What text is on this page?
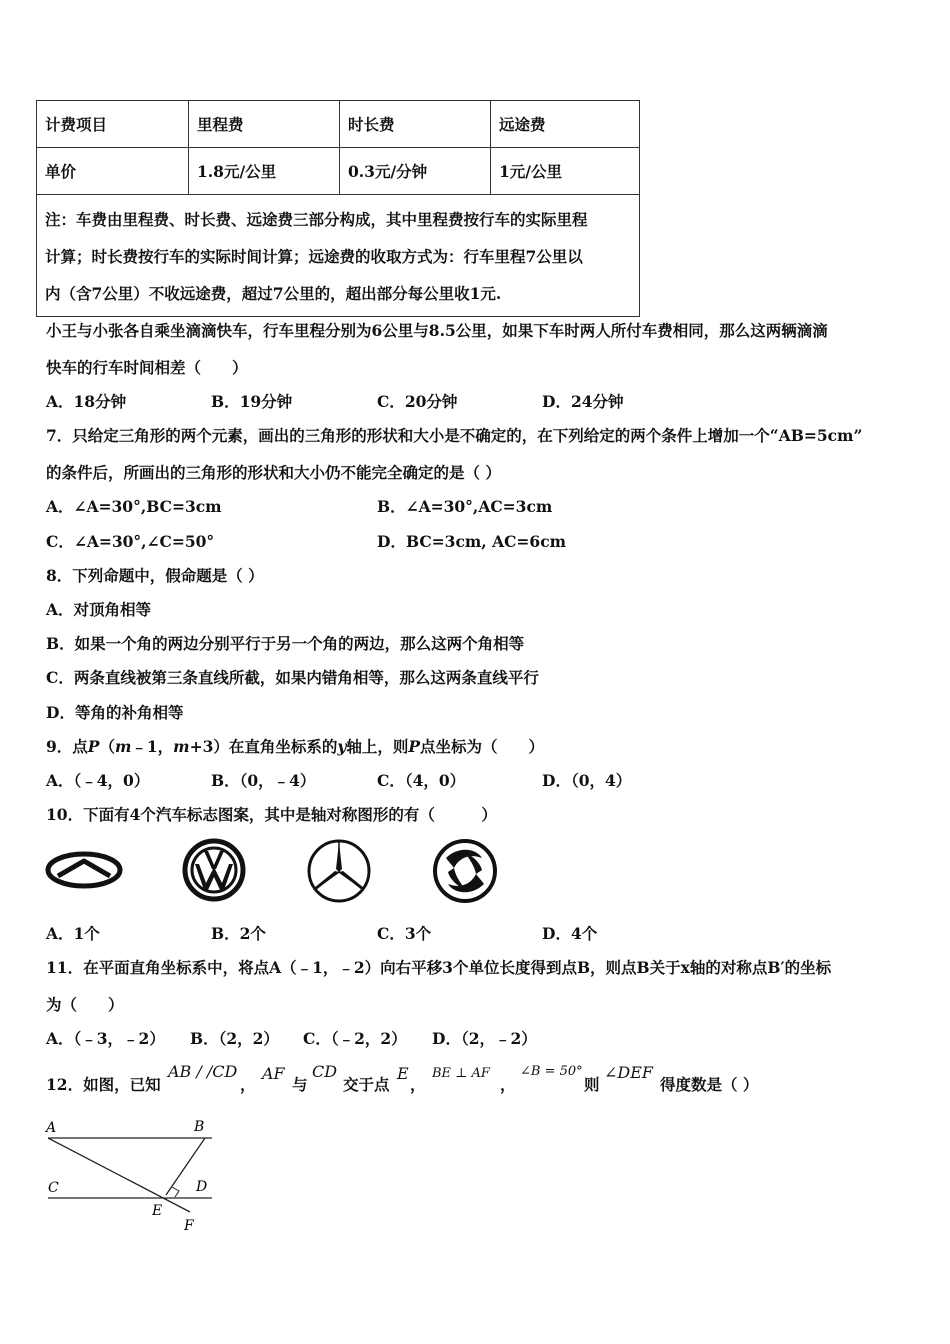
计费项目	里程费	时长费	远途费
单价	1.8元/公里	0.3元/分钟	1元/公里

注：车费由里程费、时长费、远途费三部分构成，其中里程费按行车的实际里程
计算；时长费按行车的实际时间计算；远途费的收取方式为：行车里程7公里以
内（含7公里）不收远途费，超过7公里的，超出部分每公里收1元.			
小王与小张各自乘坐滴滴快车，行车里程分别为6公里与8.5公里，如果下车时两人所付车费相同，那么这两辆滴滴
快车的行车时间相差（　　）
A．18分钟	B．19分钟	C．20分钟	D．24分钟
7．只给定三角形的两个元素，画出的三角形的形状和大小是不确定的，在下列给定的两个条件上增加一个“AB=5cm”
的条件后，所画出的三角形的形状和大小仍不能完全确定的是（ ）
A．∠A=30°,BC=3cm	B．∠A=30°,AC=3cm
C．∠A=30°,∠C=50°	D．BC=3cm, AC=6cm
8．下列命题中，假命题是（ ）
A．对顶角相等
B．如果一个角的两边分别平行于另一个角的两边，那么这两个角相等
C．两条直线被第三条直线所截，如果内错角相等，那么这两条直线平行
D．等角的补角相等
9．点P（m﹣1，m+3）在直角坐标系的y轴上，则P点坐标为（　　）
A．（﹣4，0）	B．（0，﹣4）	C．（4，0）	D．（0，4）
10．下面有4个汽车标志图案，其中是轴对称图形的有（　　　）
A．1个	B．2个	C．3个	D．4个
11．在平面直角坐标系中，将点A（﹣1，﹣2）向右平移3个单位长度得到点B，则点B关于x轴的对称点B′的坐标
为（　　）
A．（﹣3，﹣2） B．（2，2） C．（﹣2，2） D．（2，﹣2）
12．如图，已知
AB / /CD
，
AF
与
CD
交于点
E
，
BE ⊥ AF
，
∠B = 50°
则
∠DEF
得度数是（ ）
A	B
C	D
E
F
